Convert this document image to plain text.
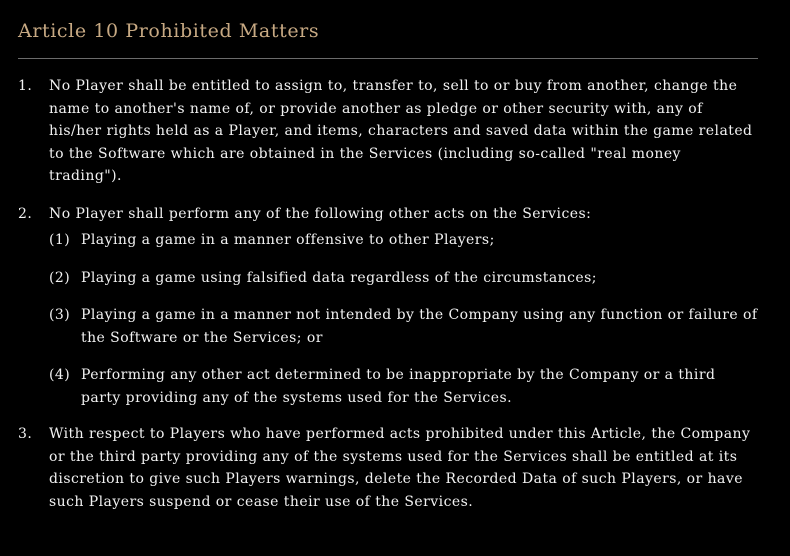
Article 10 Prohibited Matters
1. No Player shall be entitled to assign to, transfer to, sell to or buy from another, change the name to another's name of, or provide another as pledge or other security with, any of his/her rights held as a Player, and items, characters and saved data within the game related to the Software which are obtained in the Services (including so-called "real money trading").
2. No Player shall perform any of the following other acts on the Services:
(1) Playing a game in a manner offensive to other Players;
(2) Playing a game using falsified data regardless of the circumstances;
(3) Playing a game in a manner not intended by the Company using any function or failure of the Software or the Services; or
(4) Performing any other act determined to be inappropriate by the Company or a third party providing any of the systems used for the Services.
3. With respect to Players who have performed acts prohibited under this Article, the Company or the third party providing any of the systems used for the Services shall be entitled at its discretion to give such Players warnings, delete the Recorded Data of such Players, or have such Players suspend or cease their use of the Services.
